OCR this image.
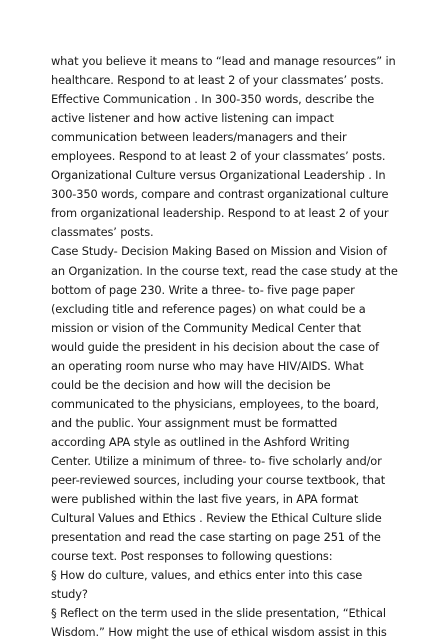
what you believe it means to “lead and manage resources” in
healthcare. Respond to at least 2 of your classmates’ posts.
Effective Communication . In 300-350 words, describe the
active listener and how active listening can impact
communication between leaders/managers and their
employees. Respond to at least 2 of your classmates’ posts.
Organizational Culture versus Organizational Leadership . In
300-350 words, compare and contrast organizational culture
from organizational leadership. Respond to at least 2 of your
classmates’ posts.
Case Study- Decision Making Based on Mission and Vision of
an Organization. In the course text, read the case study at the
bottom of page 230. Write a three- to- five page paper
(excluding title and reference pages) on what could be a
mission or vision of the Community Medical Center that
would guide the president in his decision about the case of
an operating room nurse who may have HIV/AIDS. What
could be the decision and how will the decision be
communicated to the physicians, employees, to the board,
and the public. Your assignment must be formatted
according APA style as outlined in the Ashford Writing
Center. Utilize a minimum of three- to- five scholarly and/or
peer-reviewed sources, including your course textbook, that
were published within the last five years, in APA format
Cultural Values and Ethics . Review the Ethical Culture slide
presentation and read the case starting on page 251 of the
course text. Post responses to following questions:
§ How do culture, values, and ethics enter into this case
study?
§ Reflect on the term used in the slide presentation, “Ethical
Wisdom.” How might the use of ethical wisdom assist in this
